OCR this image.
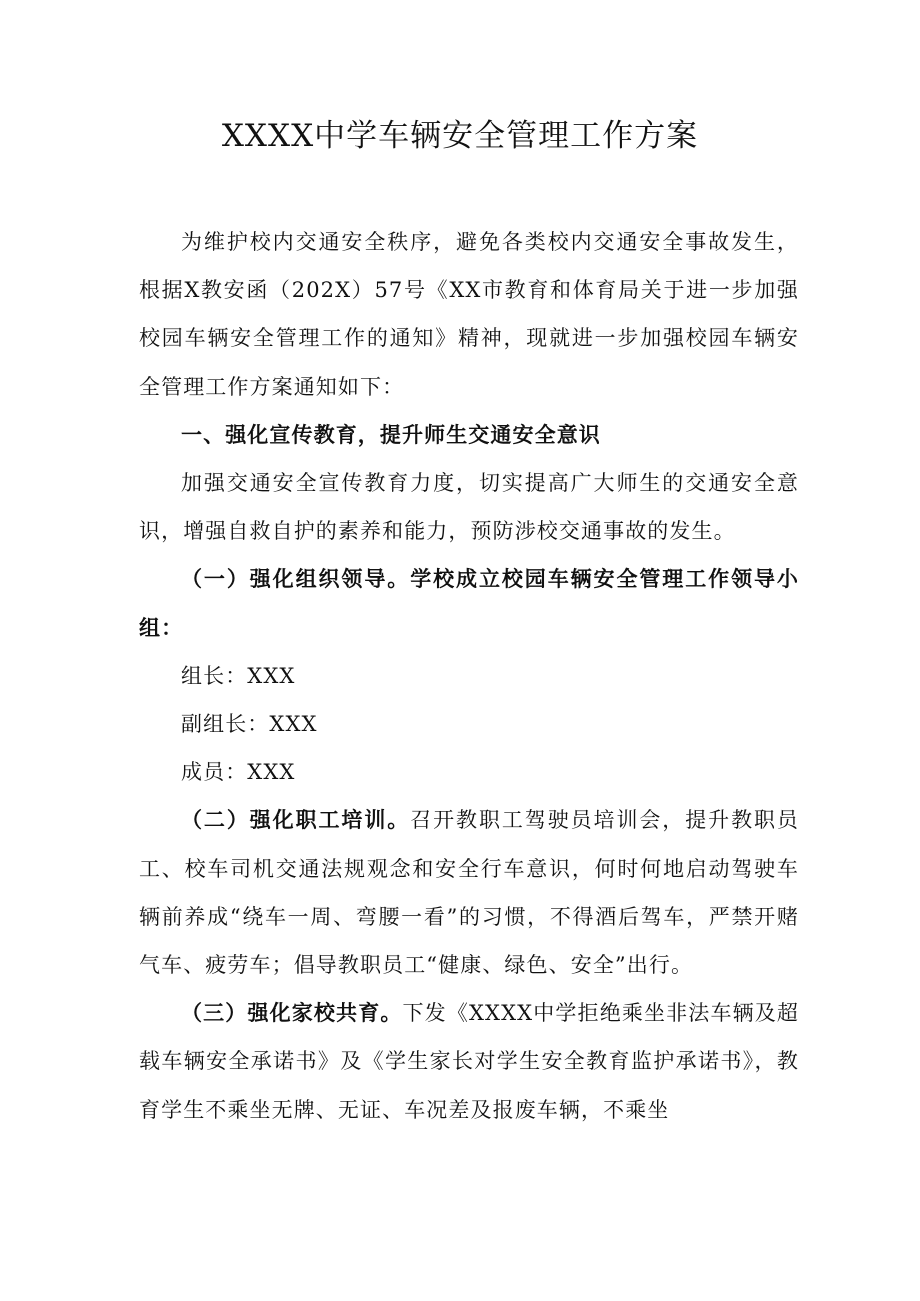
XXXX中学车辆安全管理工作方案

为维护校内交通安全秩序，避免各类校内交通安全事故发生，根据X教安函（202X）57号《XX市教育和体育局关于进一步加强校园车辆安全管理工作的通知》精神，现就进一步加强校园车辆安全管理工作方案通知如下：

一、强化宣传教育，提升师生交通安全意识

加强交通安全宣传教育力度，切实提高广大师生的交通安全意识，增强自救自护的素养和能力，预防涉校交通事故的发生。

（一）强化组织领导。学校成立校园车辆安全管理工作领导小组：

组长：XXX

副组长：XXX

成员：XXX

（二）强化职工培训。召开教职工驾驶员培训会，提升教职员工、校车司机交通法规观念和安全行车意识，何时何地启动驾驶车辆前养成“绕车一周、弯腰一看”的习惯，不得酒后驾车，严禁开赌气车、疲劳车；倡导教职员工“健康、绿色、安全”出行。

（三）强化家校共育。下发《XXXX中学拒绝乘坐非法车辆及超载车辆安全承诺书》及《学生家长对学生安全教育监护承诺书》，教育学生不乘坐无牌、无证、车况差及报废车辆，不乘坐
